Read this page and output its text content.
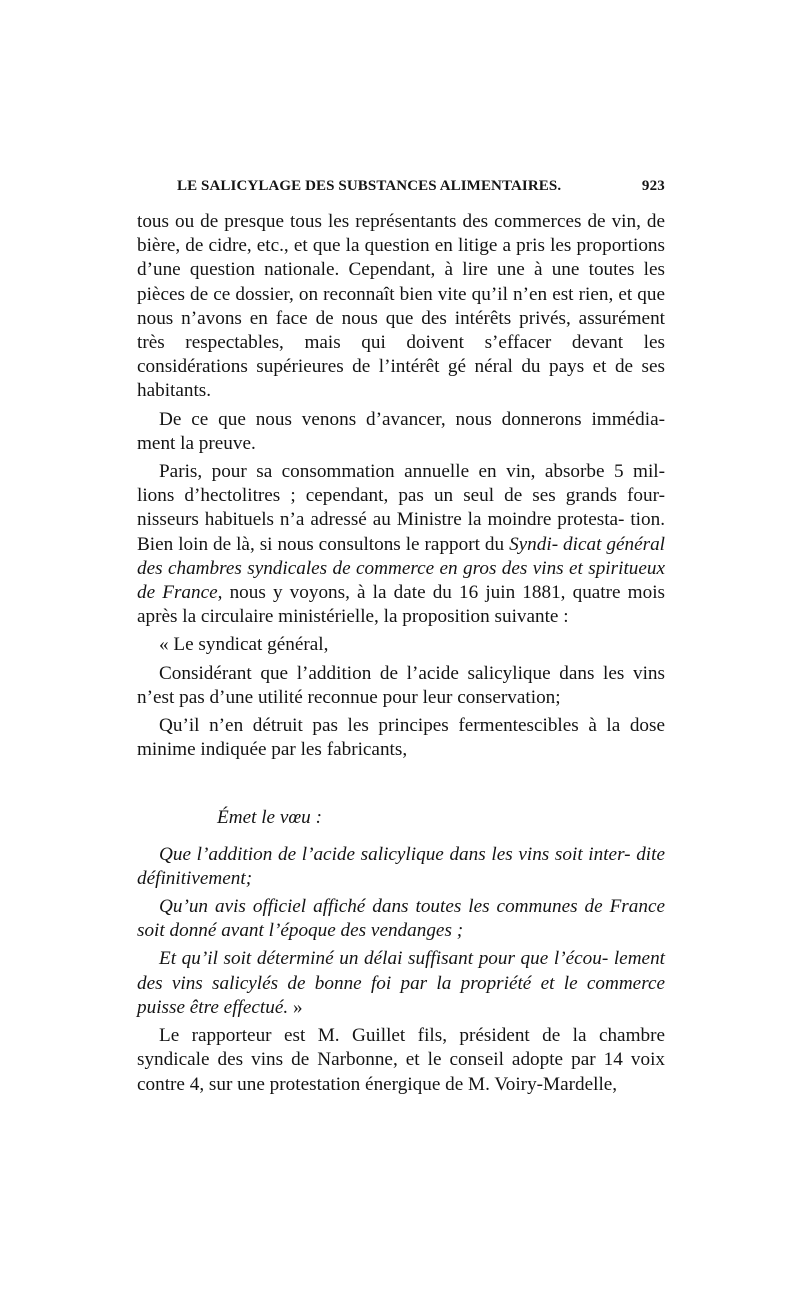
LE SALICYLAGE DES SUBSTANCES ALIMENTAIRES.	923

tous ou de presque tous les représentants des commerces de vin, de bière, de cidre, etc., et que la question en litige a pris les proportions d’une question nationale. Cependant, à lire une à une toutes les pièces de ce dossier, on reconnaît bien vite qu’il n’en est rien, et que nous n’avons en face de nous que des intérêts privés, assurément très respectables, mais qui doivent s’effacer devant les considérations supérieures de l’intérêt gé néral du pays et de ses habitants.

De ce que nous venons d’avancer, nous donnerons immédia- ment la preuve.

Paris, pour sa consommation annuelle en vin, absorbe 5 mil- lions d’hectolitres ; cependant, pas un seul de ses grands four- nisseurs habituels n’a adressé au Ministre la moindre protesta- tion. Bien loin de là, si nous consultons le rapport du Syndi- dicat général des chambres syndicales de commerce en gros des vins et spiritueux de France, nous y voyons, à la date du 16 juin 1881, quatre mois après la circulaire ministérielle, la proposition suivante :

« Le syndicat général,

Considérant que l’addition de l’acide salicylique dans les vins n’est pas d’une utilité reconnue pour leur conservation;

Qu’il n’en détruit pas les principes fermentescibles à la dose minime indiquée par les fabricants,

Émet le vœu :

Que l’addition de l’acide salicylique dans les vins soit inter- dite définitivement;

Qu’un avis officiel affiché dans toutes les communes de France soit donné avant l’époque des vendanges ;

Et qu’il soit déterminé un délai suffisant pour que l’écou- lement des vins salicylés de bonne foi par la propriété et le commerce puisse être effectué. »

Le rapporteur est M. Guillet fils, président de la chambre syndicale des vins de Narbonne, et le conseil adopte par 14 voix contre 4, sur une protestation énergique de M. Voiry-Mardelle,
